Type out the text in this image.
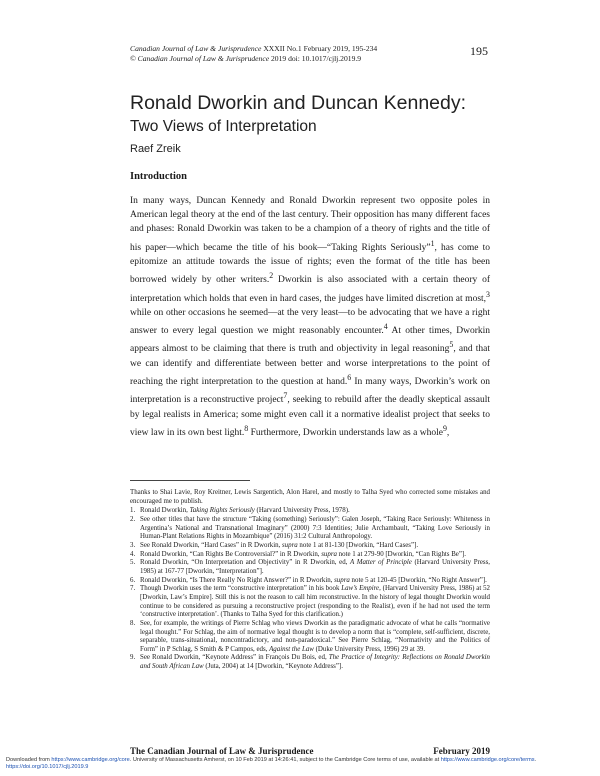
Canadian Journal of Law & Jurisprudence XXXII No.1 February 2019, 195-234
© Canadian Journal of Law & Jurisprudence 2019 doi: 10.1017/cjlj.2019.9
195
Ronald Dworkin and Duncan Kennedy:
Two Views of Interpretation
Raef Zreik
Introduction

In many ways, Duncan Kennedy and Ronald Dworkin represent two opposite poles in American legal theory at the end of the last century. Their opposition has many different faces and phases: Ronald Dworkin was taken to be a champion of a theory of rights and the title of his paper—which became the title of his book—“Taking Rights Seriously”$^1$, has come to epitomize an attitude towards the issue of rights; even the format of the title has been borrowed widely by other writers.$^2$ Dworkin is also associated with a certain theory of interpretation which holds that even in hard cases, the judges have limited discretion at most,$^3$ while on other occasions he seemed—at the very least—to be advocating that we have a right answer to every legal question we might reasonably encounter.$^4$ At other times, Dworkin appears almost to be claiming that there is truth and objectivity in legal reasoning$^5$, and that we can identify and differentiate between better and worse interpretations to the point of reaching the right interpretation to the question at hand.$^6$ In many ways, Dworkin’s work on interpretation is a reconstructive project$^7$, seeking to rebuild after the deadly skeptical assault by legal realists in America; some might even call it a normative idealist project that seeks to view law in its own best light.$^8$ Furthermore, Dworkin understands law as a whole$^9$,

Thanks to Shai Lavie, Roy Kreitner, Lewis Sargentich, Alon Harel, and mostly to Talha Syed who corrected some mistakes and encouraged me to publish.
1. Ronald Dworkin, Taking Rights Seriously (Harvard University Press, 1978).
2. See other titles that have the structure “Taking (something) Seriously”: Galen Joseph, “Taking Race Seriously: Whiteness in Argentina’s National and Transnational Imaginary” (2000) 7:3 Identities; Julie Archambault, “Taking Love Seriously in Human-Plant Relations Rights in Mozambique” (2016) 31:2 Cultural Anthropology.
3. See Ronald Dworkin, “Hard Cases” in R Dworkin, supra note 1 at 81-130 [Dworkin, “Hard Cases”].
4. Ronald Dworkin, “Can Rights Be Controversial?” in R Dworkin, supra note 1 at 279-90 [Dworkin, “Can Rights Be”].
5. Ronald Dworkin, “On Interpretation and Objectivity” in R Dworkin, ed, A Matter of Principle (Harvard University Press, 1985) at 167-77 [Dworkin, “Interpretation”].
6. Ronald Dworkin, “Is There Really No Right Answer?” in R Dworkin, supra note 5 at 120-45 [Dworkin, “No Right Answer”].
7. Though Dworkin uses the term “constructive interpretation” in his book Law’s Empire, (Harvard University Press, 1986) at 52 [Dworkin, Law’s Empire]. Still this is not the reason to call him reconstructive. In the history of legal thought Dworkin would continue to be considered as pursuing a reconstructive project (responding to the Realist), even if he had not used the term ‘constructive interpretation’. (Thanks to Talha Syed for this clarification.)
8. See, for example, the writings of Pierre Schlag who views Dworkin as the paradigmatic advocate of what he calls “normative legal thought.” For Schlag, the aim of normative legal thought is to develop a norm that is “complete, self-sufficient, discrete, separable, trans-situational, noncontradictory, and non-paradoxical.” See Pierre Schlag, “Normativity and the Politics of Form” in P Schlag, S Smith & P Campos, eds, Against the Law (Duke University Press, 1996) 29 at 39.
9. See Ronald Dworkin, “Keynote Address” in François Du Bois, ed, The Practice of Integrity: Reflections on Ronald Dworkin and South African Law (Juta, 2004) at 14 [Dworkin, “Keynote Address”].
The Canadian Journal of Law & Jurisprudence	February 2019
Downloaded from https://www.cambridge.org/core. University of Massachusetts Amherst, on 10 Feb 2019 at 14:26:41, subject to the Cambridge Core terms of use, available at https://www.cambridge.org/core/terms. https://doi.org/10.1017/cjlj.2019.9
